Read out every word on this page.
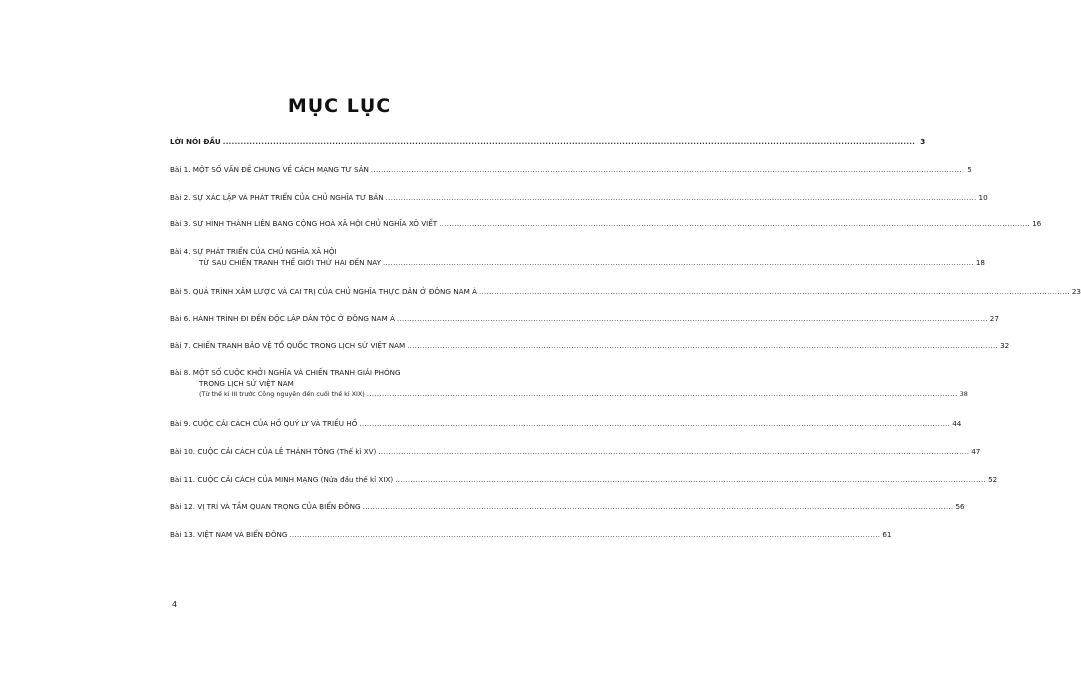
MỤC LỤC
LỜI NÓI ĐẦU .....	3
Bài 1. MỘT SỐ VẤN ĐỀ CHUNG VỀ CÁCH MẠNG TƯ SẢN .....	5
Bài 2. SỰ XÁC LẬP VÀ PHÁT TRIỂN CỦA CHỦ NGHĨA TƯ BẢN .....	10
Bài 3. SỰ HÌNH THÀNH LIÊN BANG CỘNG HOÀ XÃ HỘI CHỦ NGHĨA XÔ VIẾT .....	16
Bài 4. SỰ PHÁT TRIỂN CỦA CHỦ NGHĨA XÃ HỘI
TỪ SAU CHIẾN TRANH THẾ GIỚI THỨ HAI ĐẾN NAY .....	18
Bài 5. QUÁ TRÌNH XÂM LƯỢC VÀ CAI TRỊ CỦA CHỦ NGHĨA THỰC DÂN Ở ĐÔNG NAM Á .....	23
Bài 6. HÀNH TRÌNH ĐI ĐẾN ĐỘC LẬP DÂN TỘC Ở ĐÔNG NAM Á .....	27
Bài 7. CHIẾN TRANH BẢO VỆ TỔ QUỐC TRONG LỊCH SỬ VIỆT NAM .....	32
Bài 8. MỘT SỐ CUỘC KHỞI NGHĨA VÀ CHIẾN TRANH GIẢI PHÓNG
TRONG LỊCH SỬ VIỆT NAM
(Từ thế kỉ III trước Công nguyên đến cuối thế kỉ XIX) .....	38
Bài 9. CUỘC CẢI CÁCH CỦA HỒ QUÝ LY VÀ TRIỀU HỒ .....	44
Bài 10. CUỘC CẢI CÁCH CỦA LÊ THÁNH TÔNG (Thế kỉ XV) .....	47
Bài 11. CUỘC CẢI CÁCH CỦA MINH MẠNG (Nửa đầu thế kỉ XIX) .....	52
Bài 12. VỊ TRÍ VÀ TẦM QUAN TRỌNG CỦA BIỂN ĐÔNG .....	56
Bài 13. VIỆT NAM VÀ BIỂN ĐÔNG .....	61
4
